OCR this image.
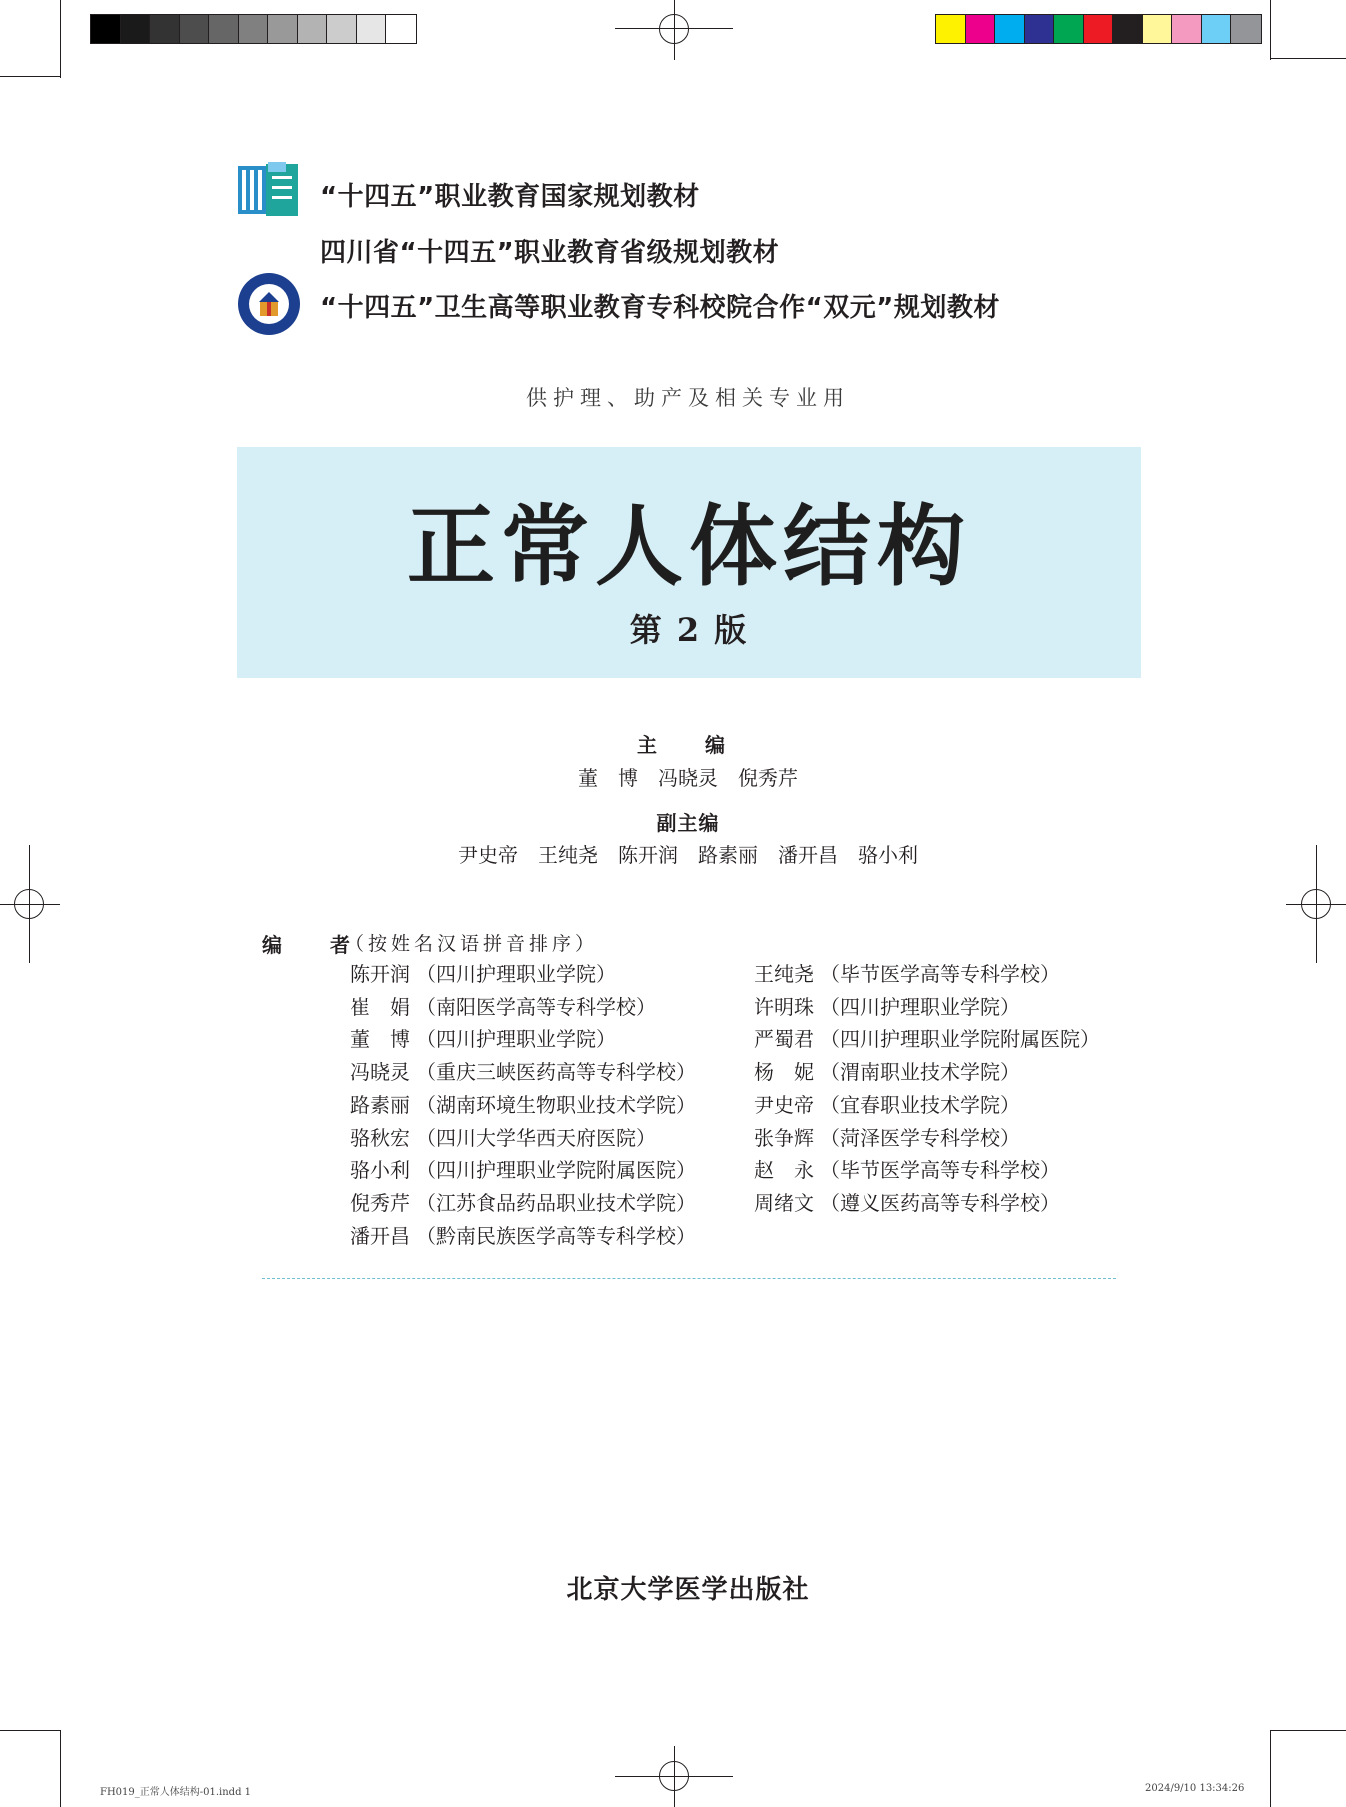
“十四五”职业教育国家规划教材
四川省“十四五”职业教育省级规划教材
“十四五”卫生高等职业教育专科校院合作“双元”规划教材
供护理、助产及相关专业用
正常人体结构
第 2 版
主　编
董　博 冯晓灵 倪秀芹
副主编
尹史帝 王纯尧 陈开润 路素丽 潘开昌 骆小利
编　者
（按姓名汉语拼音排序）
陈开润 （四川护理职业学院）
崔　娟 （南阳医学高等专科学校）
董　博 （四川护理职业学院）
冯晓灵 （重庆三峡医药高等专科学校）
路素丽 （湖南环境生物职业技术学院）
骆秋宏 （四川大学华西天府医院）
骆小利 （四川护理职业学院附属医院）
倪秀芹 （江苏食品药品职业技术学院）
潘开昌 （黔南民族医学高等专科学校）
王纯尧 （毕节医学高等专科学校）
许明珠 （四川护理职业学院）
严蜀君 （四川护理职业学院附属医院）
杨　妮 （渭南职业技术学院）
尹史帝 （宜春职业技术学院）
张争辉 （菏泽医学专科学校）
赵　永 （毕节医学高等专科学校）
周绪文 （遵义医药高等专科学校）
北京大学医学出版社
FH019_正常人体结构-01.indd 1	2024/9/10 13:34:26
